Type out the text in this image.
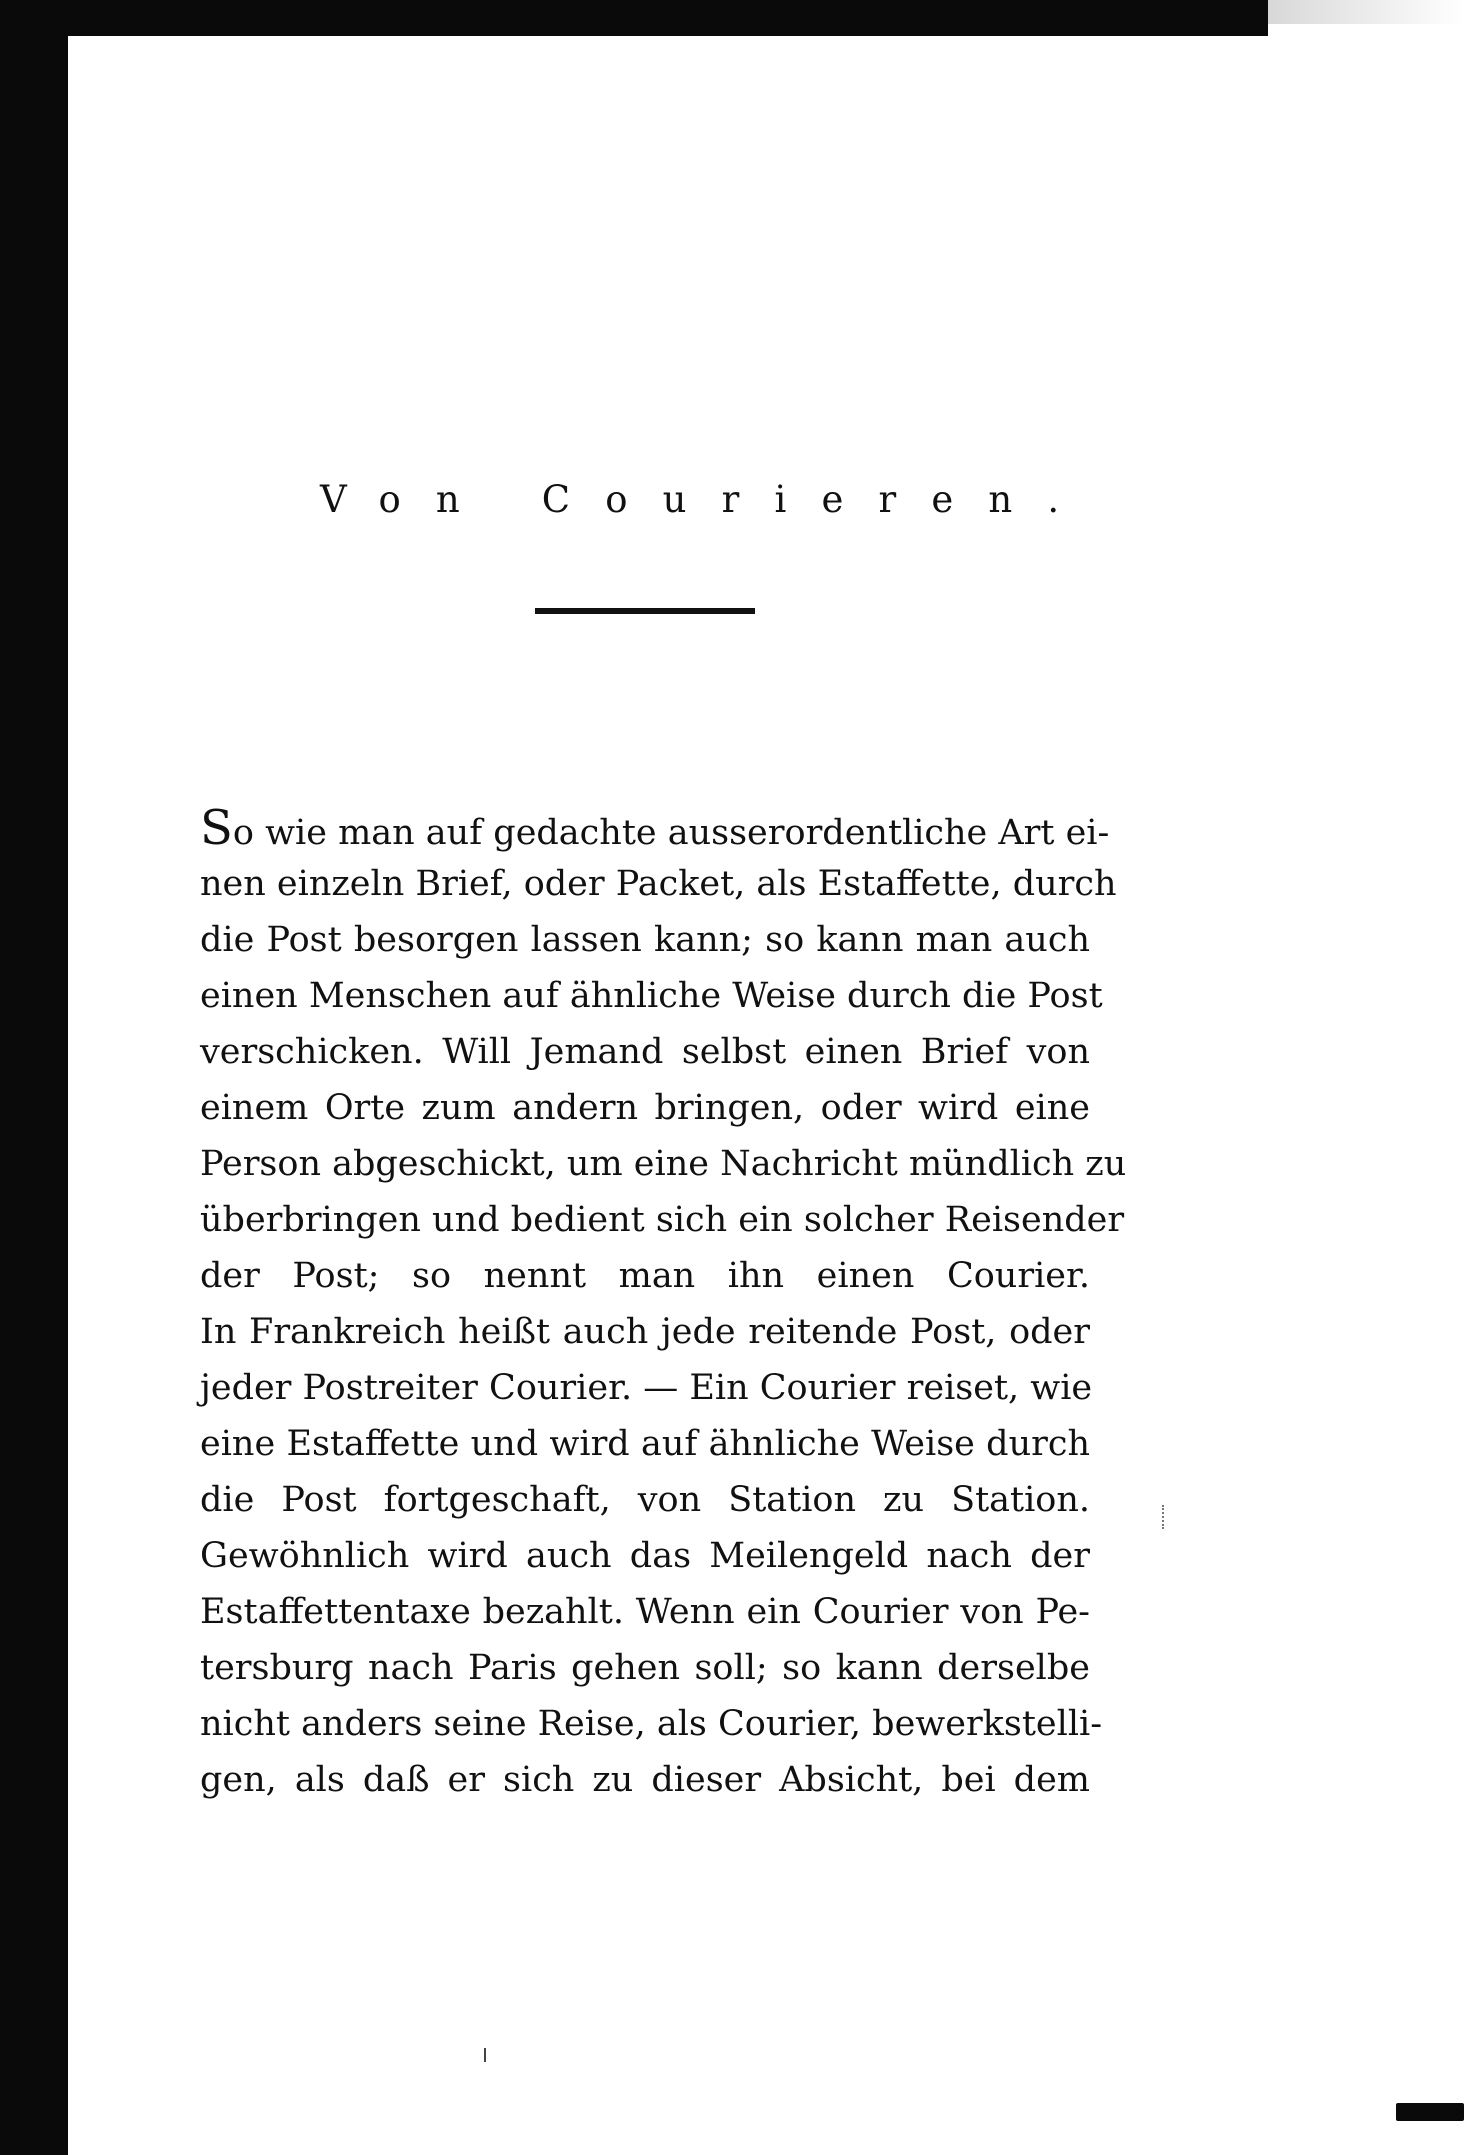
Von Courieren.
So wie man auf gedachte ausserordentliche Art ei-
nen einzeln Brief, oder Packet, als Estaffette, durch
die Post besorgen lassen kann; so kann man auch
einen Menschen auf ähnliche Weise durch die Post
verschicken. Will Jemand selbst einen Brief von
einem Orte zum andern bringen, oder wird eine
Person abgeschickt, um eine Nachricht mündlich zu
überbringen und bedient sich ein solcher Reisender
der Post; so nennt man ihn einen Courier.
In Frankreich heißt auch jede reitende Post, oder
jeder Postreiter Courier. — Ein Courier reiset, wie
eine Estaffette und wird auf ähnliche Weise durch
die Post fortgeschaft, von Station zu Station.
Gewöhnlich wird auch das Meilengeld nach der
Estaffettentaxe bezahlt. Wenn ein Courier von Pe-
tersburg nach Paris gehen soll; so kann derselbe
nicht anders seine Reise, als Courier, bewerkstelli-
gen, als daß er sich zu dieser Absicht, bei dem
